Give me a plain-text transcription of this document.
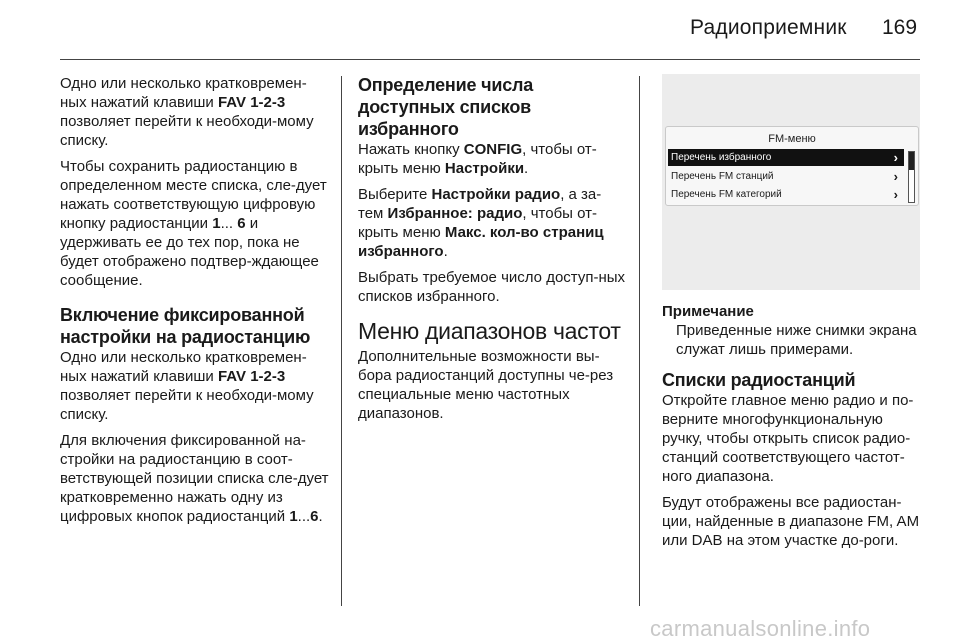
Радиоприемник 169

Одно или несколько кратковремен-ных нажатий клавиши FAV 1-2-3 позволяет перейти к необходи-мому списку.

Чтобы сохранить радиостанцию в определенном месте списка, сле-дует нажать соответствующую цифровую кнопку радиостанции 1... 6 и удерживать ее до тех пор, пока не будет отображено подтвер-ждающее сообщение.

Включение фиксированной настройки на радиостанцию

Одно или несколько кратковремен-ных нажатий клавиши FAV 1-2-3 позволяет перейти к необходи-мому списку.

Для включения фиксированной на-стройки на радиостанцию в соот-ветствующей позиции списка сле-дует кратковременно нажать одну из цифровых кнопок радиостанций 1...6.

Определение числа доступных списков избранного

Нажать кнопку CONFIG, чтобы от-крыть меню Настройки.

Выберите Настройки радио, а за-тем Избранное: радио, чтобы от-крыть меню Макс. кол-во страниц избранного.

Выбрать требуемое число доступ-ных списков избранного.

Меню диапазонов частот

Дополнительные возможности вы-бора радиостанций доступны че-рез специальные меню частотных диапазонов.

FM-меню
Перечень избранного	›
Перечень FM станций	›
Перечень FM категорий	›

Примечание

Приведенные ниже снимки экрана служат лишь примерами.

Списки радиостанций

Откройте главное меню радио и по-верните многофункциональную ручку, чтобы открыть список радио-станций соответствующего частот-ного диапазона.

Будут отображены все радиостан-ции, найденные в диапазоне FM, AM или DAB на этом участке до-роги.

carmanualsonline.info
